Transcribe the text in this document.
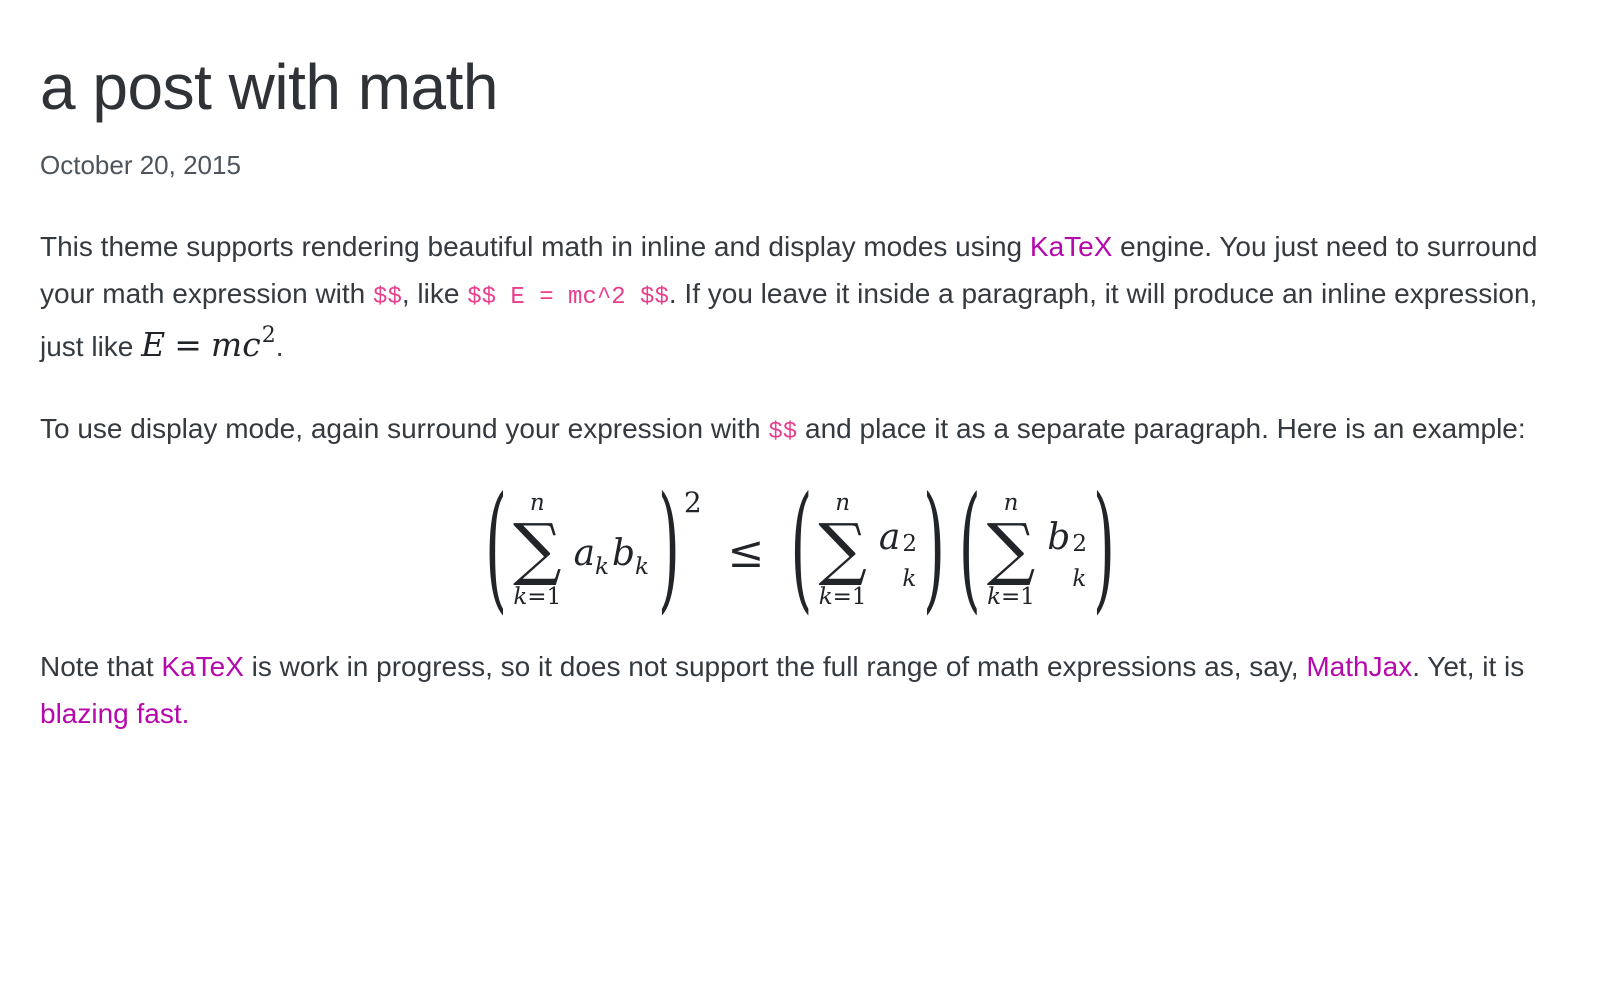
a post with math
October 20, 2015

This theme supports rendering beautiful math in inline and display modes using KaTeX engine. You just need to surround your math expression with $$, like $$ E = mc^2 $$. If you leave it inside a paragraph, it will produce an inline expression, just like $E = mc^2$.

To use display mode, again surround your expression with $$ and place it as a separate paragraph. Here is an example:

( n
∑
k=1
a k b k ) 2
≤ ( n
∑
k=1
a 2
k ) ( n
∑
k=1
b 2
k )

Note that KaTeX is work in progress, so it does not support the full range of math expressions as, say, MathJax. Yet, it is blazing fast.
